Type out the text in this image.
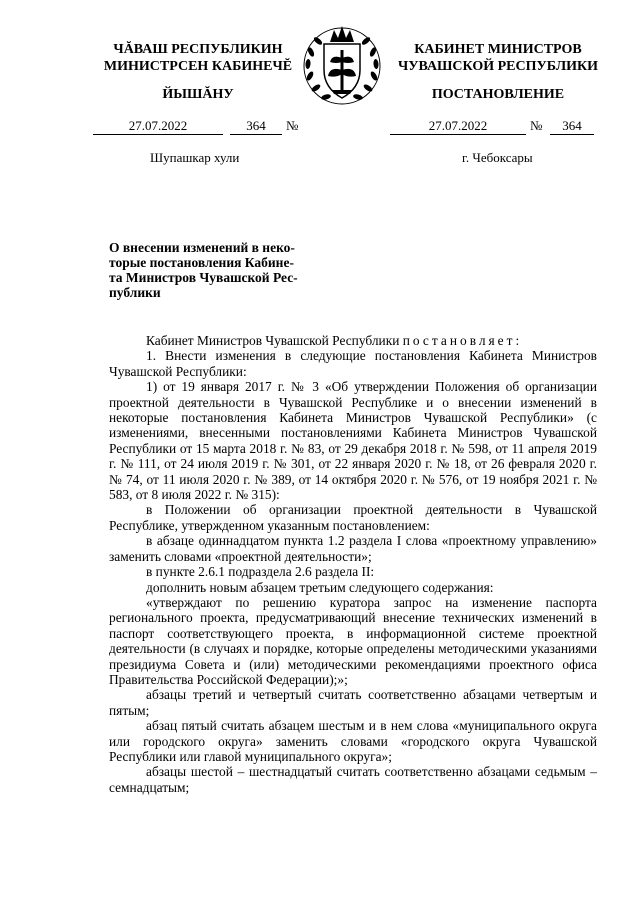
ЧĂВАШ РЕСПУБЛИКИН
МИНИСТРСЕН КАБИНЕЧĔ
КАБИНЕТ МИНИСТРОВ
ЧУВАШСКОЙ РЕСПУБЛИКИ
ЙЫШĂНУ	ПОСТАНОВЛЕНИЕ
27.07.2022	364	№	27.07.2022	№	364
Шупашкар хули	г. Чебоксары
О внесении изменений в неко-
торые постановления Кабине-
та Министров Чувашской Рес-
публики

Кабинет Министров Чувашской Республики постановляет:

1. Внести изменения в следующие постановления Кабинета Министров Чувашской Республики:

1) от 19 января 2017 г. № 3 «Об утверждении Положения об организации проектной деятельности в Чувашской Республике и о внесении изменений в некоторые постановления Кабинета Министров Чувашской Республики» (с изменениями, внесенными постановлениями Кабинета Министров Чувашской Республики от 15 марта 2018 г. № 83, от 29 декабря 2018 г. № 598, от 11 апреля 2019 г. № 111, от 24 июля 2019 г. № 301, от 22 января 2020 г. № 18, от 26 февраля 2020 г. № 74, от 11 июля 2020 г. № 389, от 14 октября 2020 г. № 576, от 19 ноября 2021 г. № 583, от 8 июля 2022 г. № 315):

в Положении об организации проектной деятельности в Чувашской Республике, утвержденном указанным постановлением:

в абзаце одиннадцатом пункта 1.2 раздела I слова «проектному управлению» заменить словами «проектной деятельности»;

в пункте 2.6.1 подраздела 2.6 раздела II:

дополнить новым абзацем третьим следующего содержания:

«утверждают по решению куратора запрос на изменение паспорта регионального проекта, предусматривающий внесение технических изменений в паспорт соответствующего проекта, в информационной системе проектной деятельности (в случаях и порядке, которые определены методическими указаниями президиума Совета и (или) методическими рекомендациями проектного офиса Правительства Российской Федерации);»;

абзацы третий и четвертый считать соответственно абзацами четвертым и пятым;

абзац пятый считать абзацем шестым и в нем слова «муниципального округа или городского округа» заменить словами «городского округа Чувашской Республики или главой муниципального округа»;

абзацы шестой – шестнадцатый считать соответственно абзацами седьмым – семнадцатым;
